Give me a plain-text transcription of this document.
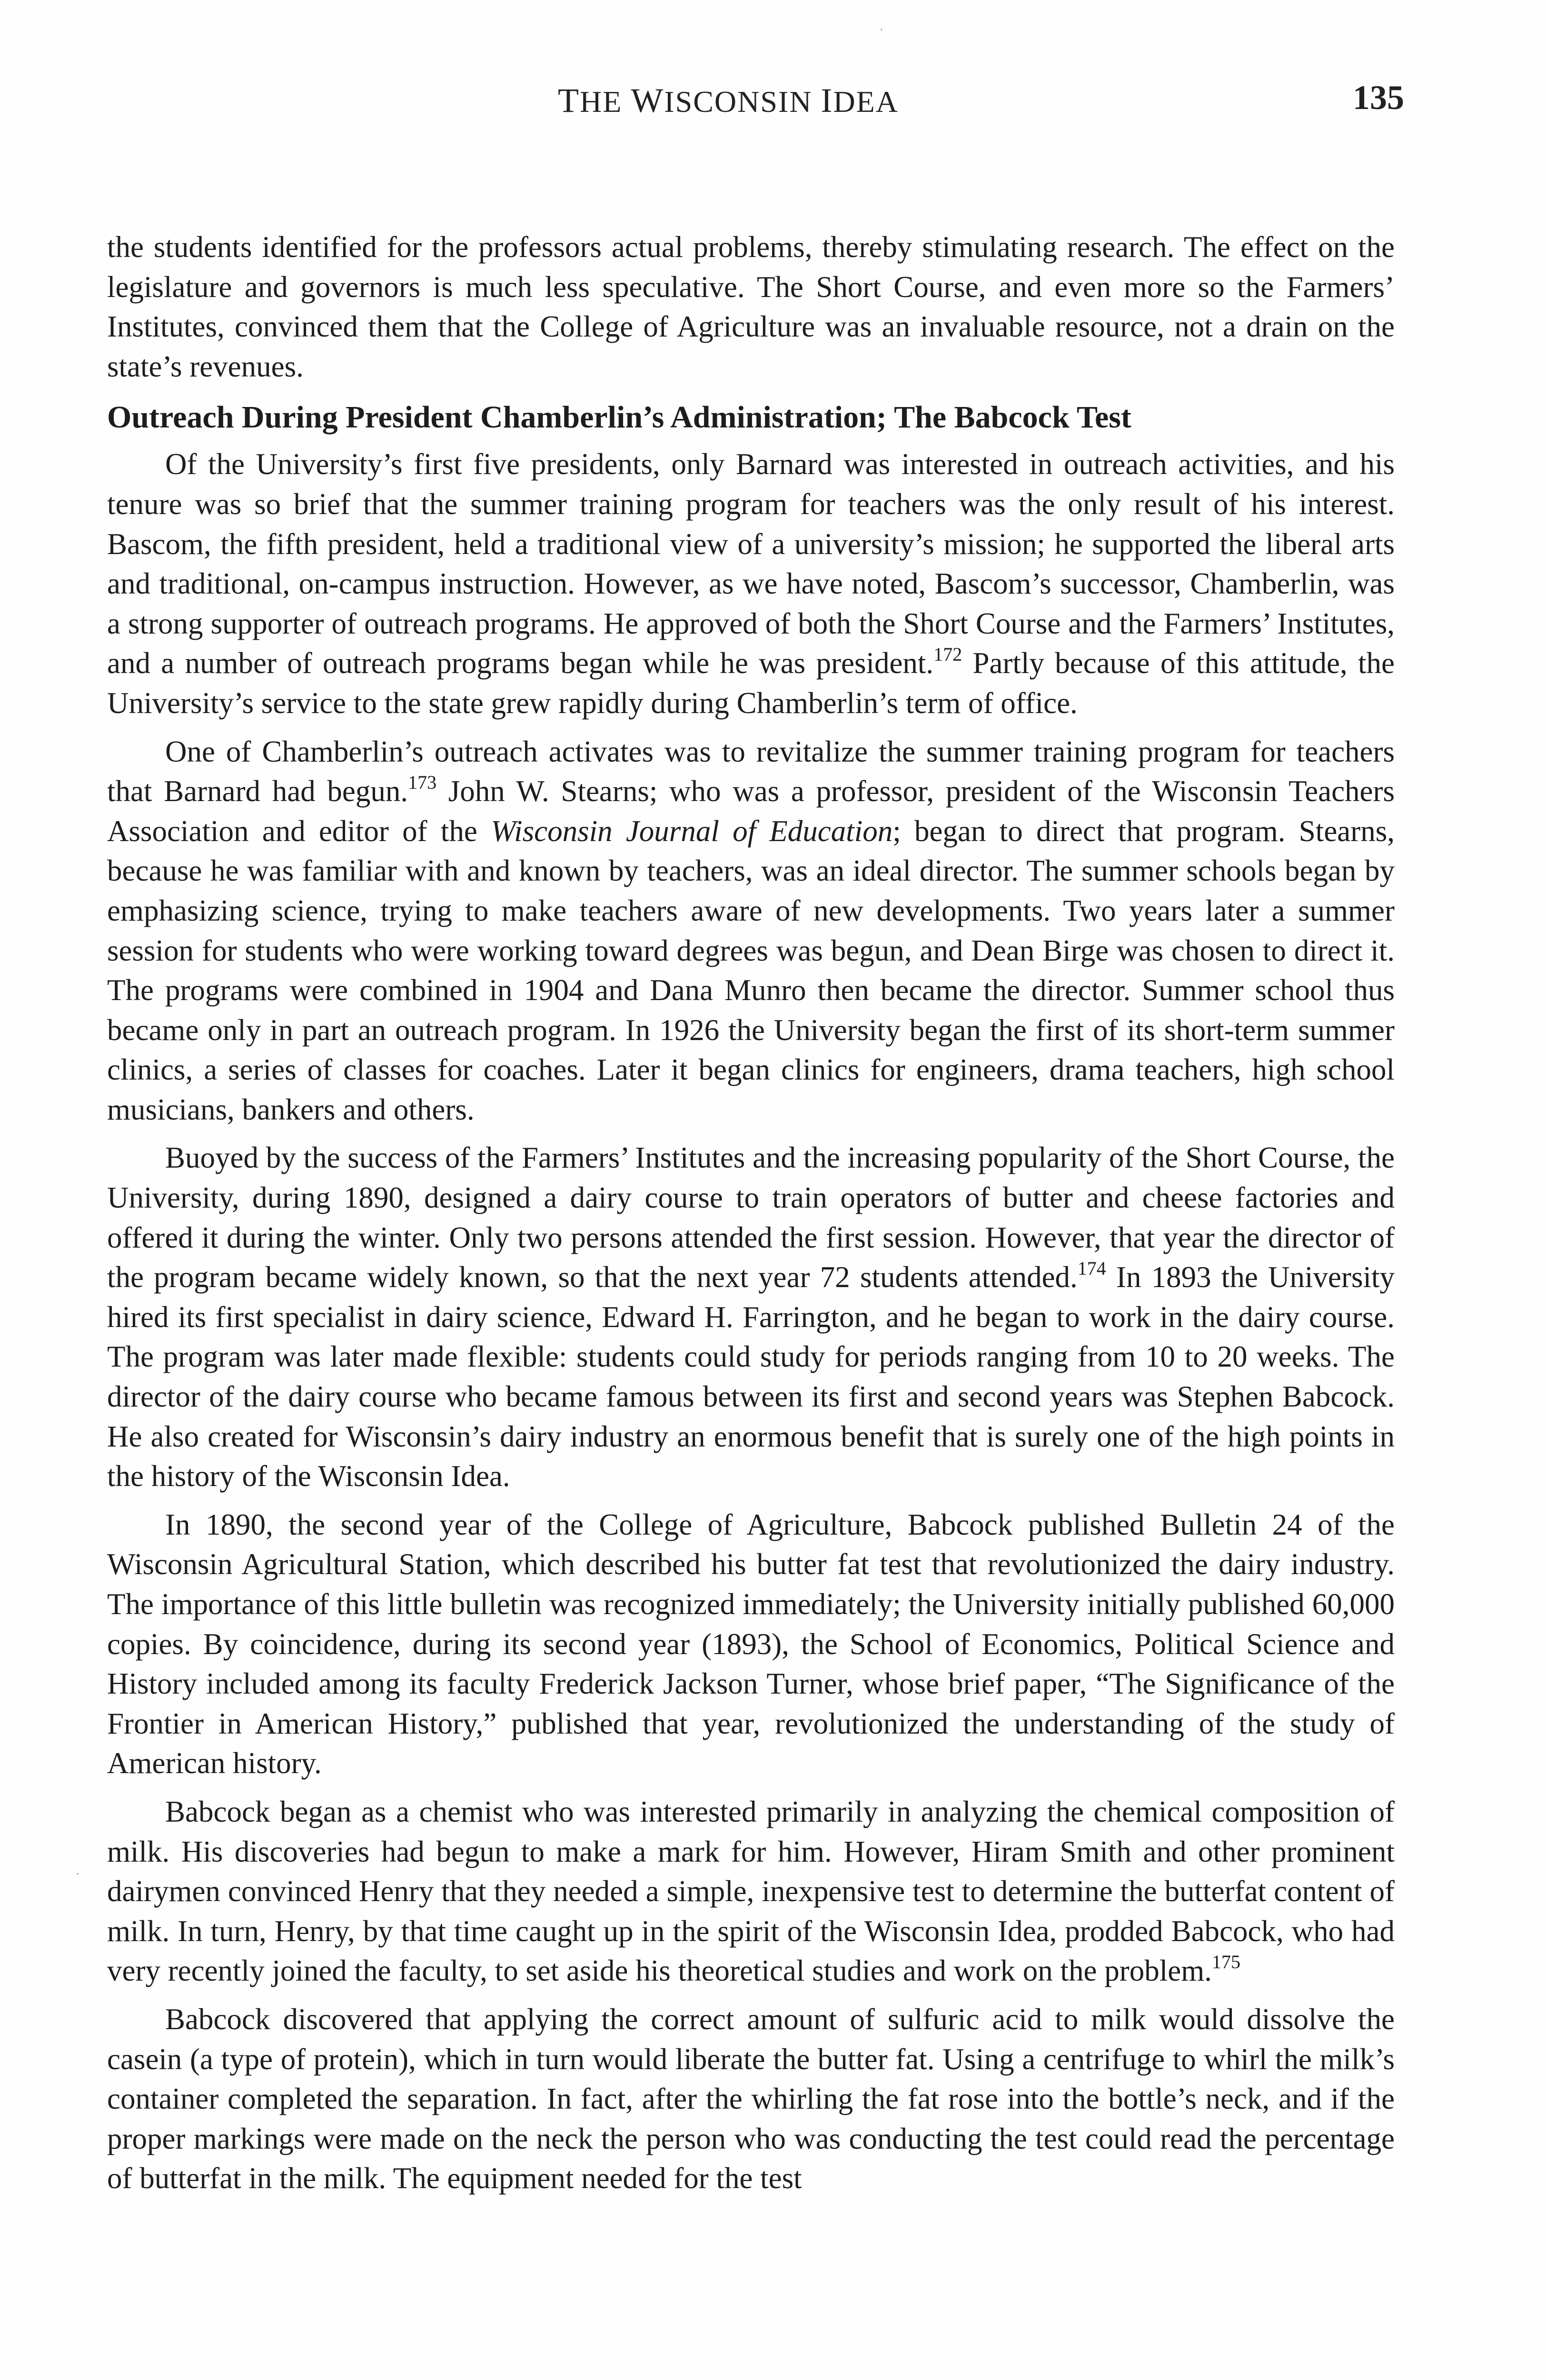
THE WISCONSIN IDEA	135

the students identified for the professors actual problems, thereby stimulating research. The effect on the legislature and governors is much less speculative. The Short Course, and even more so the Farmers’ Institutes, convinced them that the College of Agriculture was an invaluable resource, not a drain on the state’s revenues.

Outreach During President Chamberlin’s Administration; The Babcock Test

Of the University’s first five presidents, only Barnard was interested in outreach activities, and his tenure was so brief that the summer training program for teachers was the only result of his interest. Bascom, the fifth president, held a traditional view of a university’s mission; he supported the liberal arts and traditional, on-campus instruction. However, as we have noted, Bascom’s successor, Chamberlin, was a strong supporter of outreach programs. He approved of both the Short Course and the Farmers’ Institutes, and a number of outreach programs began while he was president.$^{172}$ Partly because of this attitude, the University’s service to the state grew rapidly during Chamberlin’s term of office.

One of Chamberlin’s outreach activates was to revitalize the summer training program for teachers that Barnard had begun.$^{173}$ John W. Stearns; who was a professor, president of the Wisconsin Teachers Association and editor of the Wisconsin Journal of Education; began to direct that program. Stearns, because he was familiar with and known by teachers, was an ideal director. The summer schools began by emphasizing science, trying to make teachers aware of new developments. Two years later a summer session for students who were working toward degrees was begun, and Dean Birge was chosen to direct it. The programs were combined in 1904 and Dana Munro then became the director. Summer school thus became only in part an outreach program. In 1926 the University began the first of its short-term summer clinics, a series of classes for coaches. Later it began clinics for engineers, drama teachers, high school musicians, bankers and others.

Buoyed by the success of the Farmers’ Institutes and the increasing popularity of the Short Course, the University, during 1890, designed a dairy course to train operators of butter and cheese factories and offered it during the winter. Only two persons attended the first session. However, that year the director of the program became widely known, so that the next year 72 students attended.$^{174}$ In 1893 the University hired its first specialist in dairy science, Edward H. Farrington, and he began to work in the dairy course. The program was later made flexible: students could study for periods ranging from 10 to 20 weeks. The director of the dairy course who became famous between its first and second years was Stephen Babcock. He also created for Wisconsin’s dairy industry an enormous benefit that is surely one of the high points in the history of the Wisconsin Idea.

In 1890, the second year of the College of Agriculture, Babcock published Bulletin 24 of the Wisconsin Agricultural Station, which described his butter fat test that revolutionized the dairy industry. The importance of this little bulletin was recognized immediately; the University initially published 60,000 copies. By coincidence, during its second year (1893), the School of Economics, Political Science and History included among its faculty Frederick Jackson Turner, whose brief paper, “The Significance of the Frontier in American History,” published that year, revolutionized the understanding of the study of American history.

Babcock began as a chemist who was interested primarily in analyzing the chemical composition of milk. His discoveries had begun to make a mark for him. However, Hiram Smith and other prominent dairymen convinced Henry that they needed a simple, inexpensive test to determine the butterfat content of milk. In turn, Henry, by that time caught up in the spirit of the Wisconsin Idea, prodded Babcock, who had very recently joined the faculty, to set aside his theoretical studies and work on the problem.$^{175}$

Babcock discovered that applying the correct amount of sulfuric acid to milk would dissolve the casein (a type of protein), which in turn would liberate the butter fat. Using a centrifuge to whirl the milk’s container completed the separation. In fact, after the whirling the fat rose into the bottle’s neck, and if the proper markings were made on the neck the person who was conducting the test could read the percentage of butterfat in the milk. The equipment needed for the test
